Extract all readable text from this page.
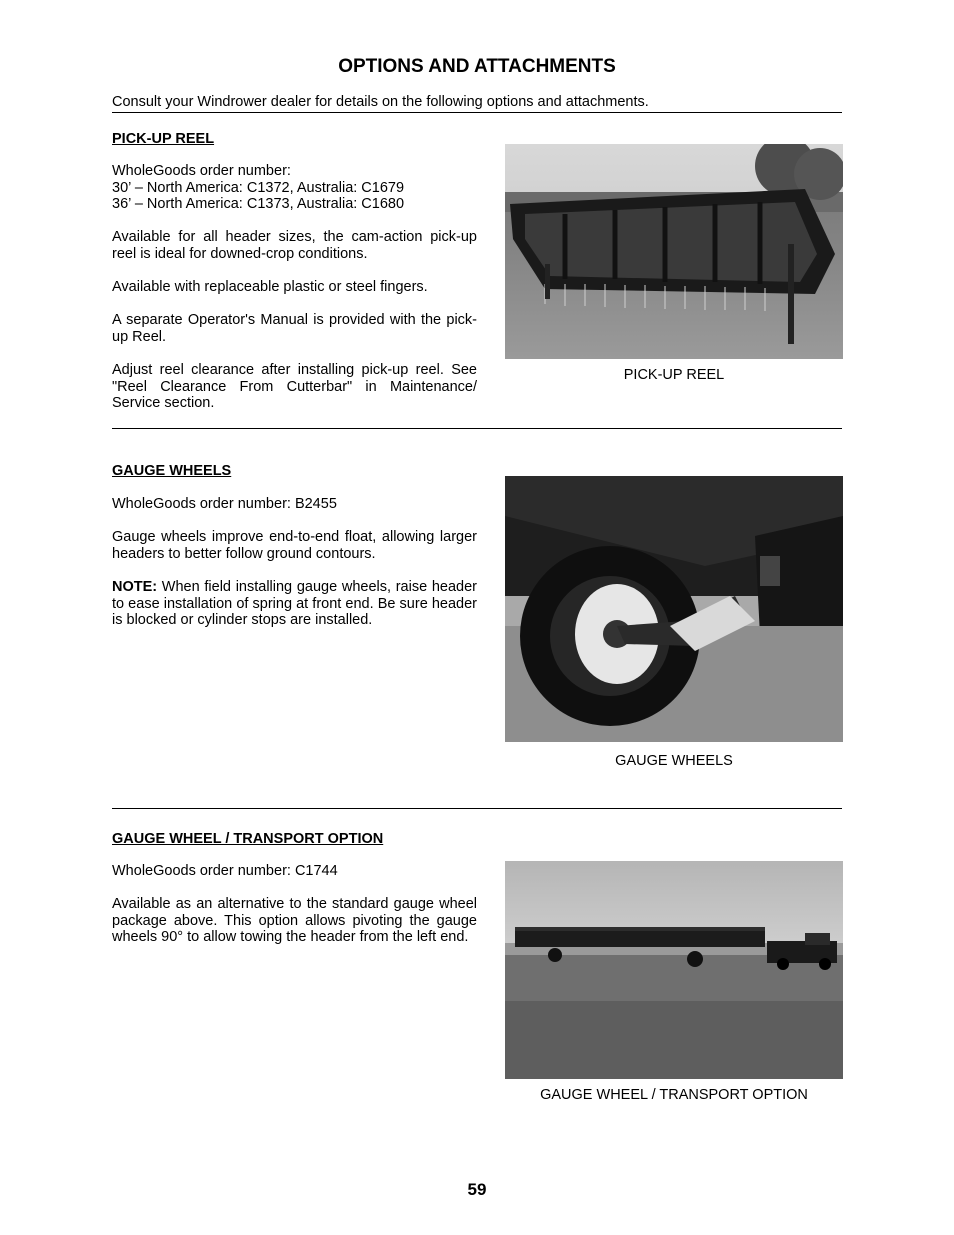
OPTIONS AND ATTACHMENTS
Consult your Windrower dealer for details on the following options and attachments.
PICK-UP REEL

WholeGoods order number:
30’ – North America: C1372, Australia: C1679
36’ – North America: C1373, Australia: C1680

Available for all header sizes, the cam-action pick-up reel is ideal for downed-crop conditions.

Available with replaceable plastic or steel fingers.

A separate Operator's Manual is provided with the pick-up Reel.

Adjust reel clearance after installing pick-up reel. See "Reel Clearance From Cutterbar" in Maintenance/ Service section.

PICK-UP REEL
GAUGE WHEELS

WholeGoods order number: B2455

Gauge wheels improve end-to-end float, allowing larger headers to better follow ground contours.

NOTE: When field installing gauge wheels, raise header to ease installation of spring at front end. Be sure header is blocked or cylinder stops are installed.

GAUGE WHEELS
GAUGE WHEEL / TRANSPORT OPTION

WholeGoods order number: C1744

Available as an alternative to the standard gauge wheel package above. This option allows pivoting the gauge wheels 90° to allow towing the header from the left end.

GAUGE WHEEL / TRANSPORT OPTION
59
